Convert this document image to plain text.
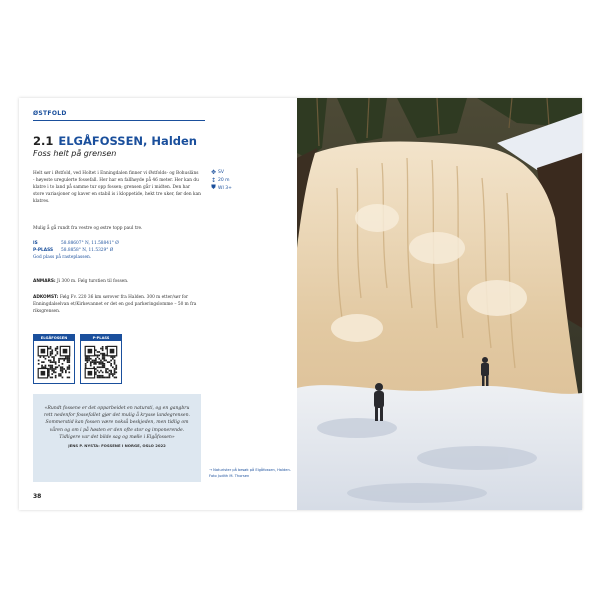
ØSTFOLD
2.1 ELGÅFOSSEN, Halden
Foss helt på grensen
Helt sør i Østfold, ved Holtet i Enningdalen finner vi Østfolds- og Bohusläns - høyeste uregulerte fossefall. Her har en fallhøyde på 46 meter. Her kan du klatre i to land på samme tur opp fossen; grensen går i midten. Den har store variasjoner og kaver en stabil is i kloppetide, hekt tre uker, før den kan klatres.
Mulig å gå rundt fra vestre og østre topp paul tre.
IS	58.88607° N, 11.58841° Ø
P-PLASS	58.8858° N, 11.5329° Ø
God plass på rasteplassen.
ANMARS: Ji 300 m. Følg turstien til fossen.
ADKOMST: Følg Fv. 220 36 km sørover fra Halden. 300 m etter/sør for Enningdalselvan et/Kirkevannet er det en god parkeringslomme – 50 m fra riksgrensen.
✥ SV
↕ 20 m
⛊ WI 3+
ELGÅFOSSEN	P-PLASS
«Rundt fossene er det opparbeidet en natursti, og en gangbru rett nedenfor fossefallet gjør det mulig å krysse landegrensen. Sommerstid kan fossen være nokså beskjeden, men tidlig om våren og om i på høsten er den ofte stor og imponerende. Tidligere var det bilde sag og mølle i Elgåfossen»
JENS P. NYSTA: FOSSENE I NORGE, OSLO 2022
→ Naturister på besøk på Elgåfossen, Halden. Foto Judith M. Thorsen
38
